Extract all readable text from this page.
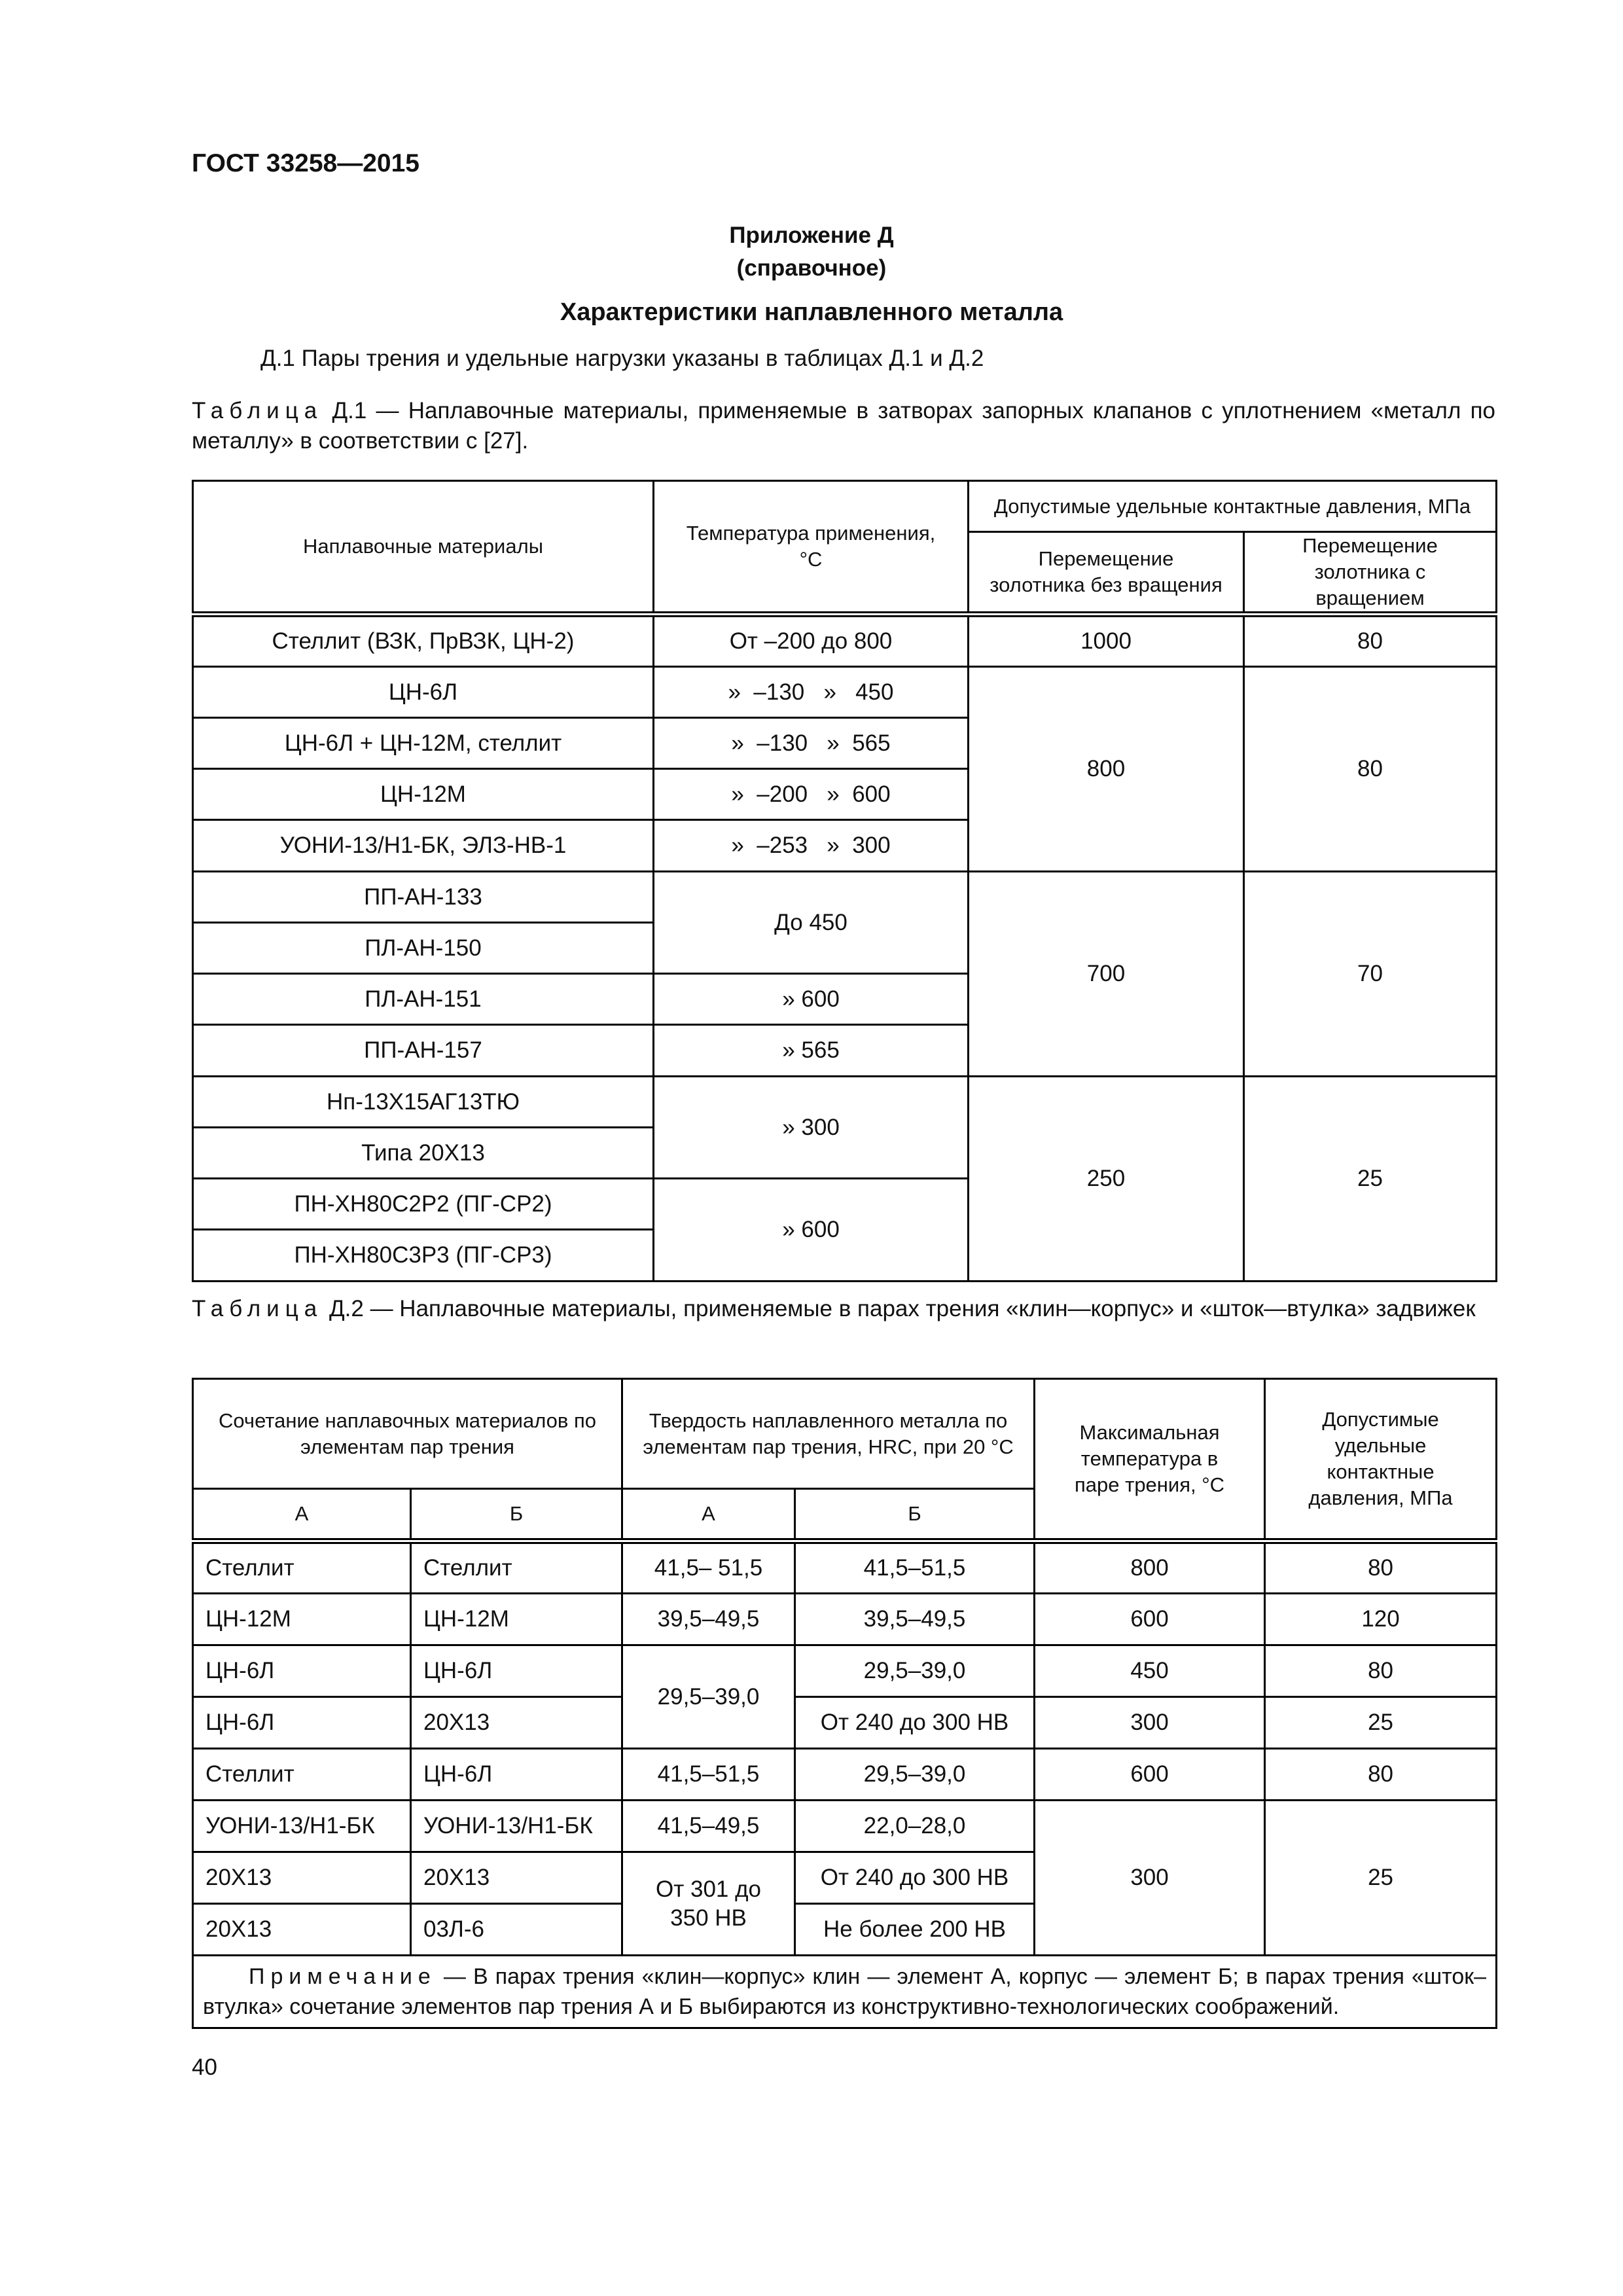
ГОСТ 33258—2015
Приложение Д
(справочное)
Характеристики наплавленного металла
Д.1 Пары трения и удельные нагрузки указаны в таблицах Д.1 и Д.2
Таблица Д.1 — Наплавочные материалы, применяемые в затворах запорных клапанов с уплотнением «металл по металлу» в соответствии с [27].
Наплавочные материалы	Температура применения, °С	Допустимые удельные контактные давления, МПа	
		Перемещение золотника без вращения	Перемещение золотника с вращением
Стеллит (ВЗК, ПрВЗК, ЦН-2)	От –200 до 800	1000	80
ЦН-6Л	»  –130   »   450	800	80
ЦН-6Л + ЦН-12М, стеллит	»  –130   »  565		
ЦН-12М	»  –200   »  600		
УОНИ-13/Н1-БК, ЭЛЗ-НВ-1	»  –253   »  300		
ПП-АН-133	До 450	700	70
ПЛ-АН-150			
ПЛ-АН-151	» 600		
ПП-АН-157	» 565		
Нп-13Х15АГ13ТЮ	» 300	250	25
Типа 20Х13			
ПН-ХН80С2Р2 (ПГ-СР2)	» 600		
ПН-ХН80С3Р3 (ПГ-СР3)			
Таблица Д.2 — Наплавочные материалы, применяемые в парах трения «клин—корпус» и «шток—втулка» задвижек
Сочетание наплавочных материалов по элементам пар трения		Твердость наплавленного металла по элементам пар трения, HRC, при 20 °С		Максимальная температура в паре трения, °С	Допустимые удельные контактные давления, МПа
А	Б	А	Б		
Стеллит	Стеллит	41,5– 51,5	41,5–51,5	800	80
ЦН-12М	ЦН-12М	39,5–49,5	39,5–49,5	600	120
ЦН-6Л	ЦН-6Л	29,5–39,0	29,5–39,0	450	80
ЦН-6Л	20Х13		От 240 до 300 НВ	300	25
Стеллит	ЦН-6Л	41,5–51,5	29,5–39,0	600	80
УОНИ-13/Н1-БК	УОНИ-13/Н1-БК	41,5–49,5	22,0–28,0	300	25
20Х13	20Х13	От 301 до 350 НВ	От 240 до 300 НВ		
20Х13	03Л-6		Не более 200 НВ		

Примечание — В парах трения «клин—корпус» клин — элемент А, корпус — элемент Б; в парах трения «шток–втулка» сочетание элементов пар трения А и Б выбираются из конструктивно-технологических соображений.					
40
